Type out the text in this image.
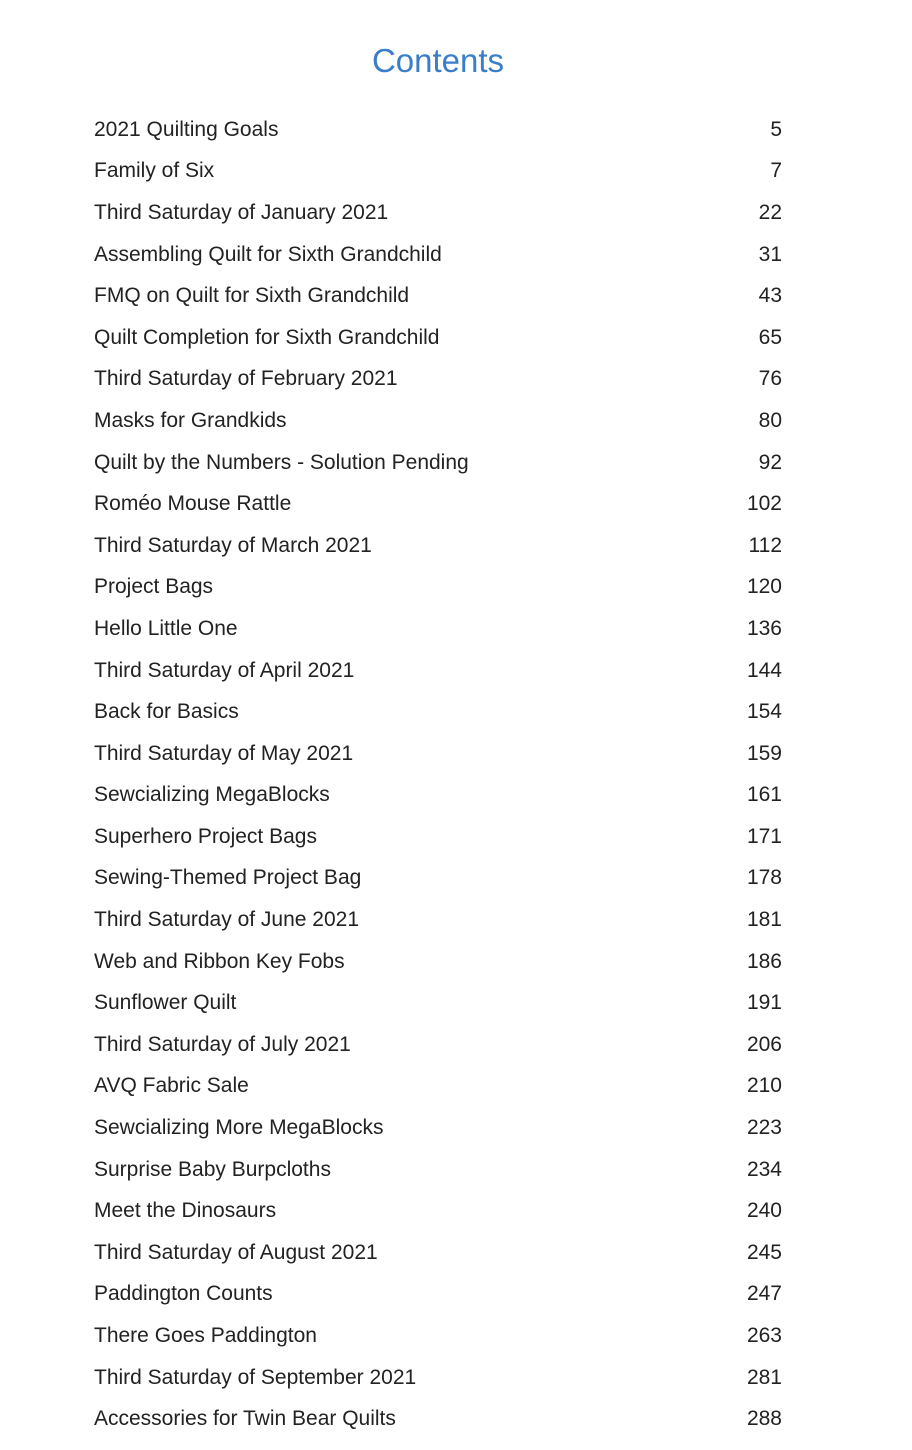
Contents
2021 Quilting Goals	5
Family of Six	7
Third Saturday of January 2021	22
Assembling Quilt for Sixth Grandchild	31
FMQ on Quilt for Sixth Grandchild	43
Quilt Completion for Sixth Grandchild	65
Third Saturday of February 2021	76
Masks for Grandkids	80
Quilt by the Numbers - Solution Pending	92
Roméo Mouse Rattle	102
Third Saturday of March 2021	112
Project Bags	120
Hello Little One	136
Third Saturday of April 2021	144
Back for Basics	154
Third Saturday of May 2021	159
Sewcializing MegaBlocks	161
Superhero Project Bags	171
Sewing-Themed Project Bag	178
Third Saturday of June 2021	181
Web and Ribbon Key Fobs	186
Sunflower Quilt	191
Third Saturday of July 2021	206
AVQ Fabric Sale	210
Sewcializing More MegaBlocks	223
Surprise Baby Burpcloths	234
Meet the Dinosaurs	240
Third Saturday of August 2021	245
Paddington Counts	247
There Goes Paddington	263
Third Saturday of September 2021	281
Accessories for Twin Bear Quilts	288
